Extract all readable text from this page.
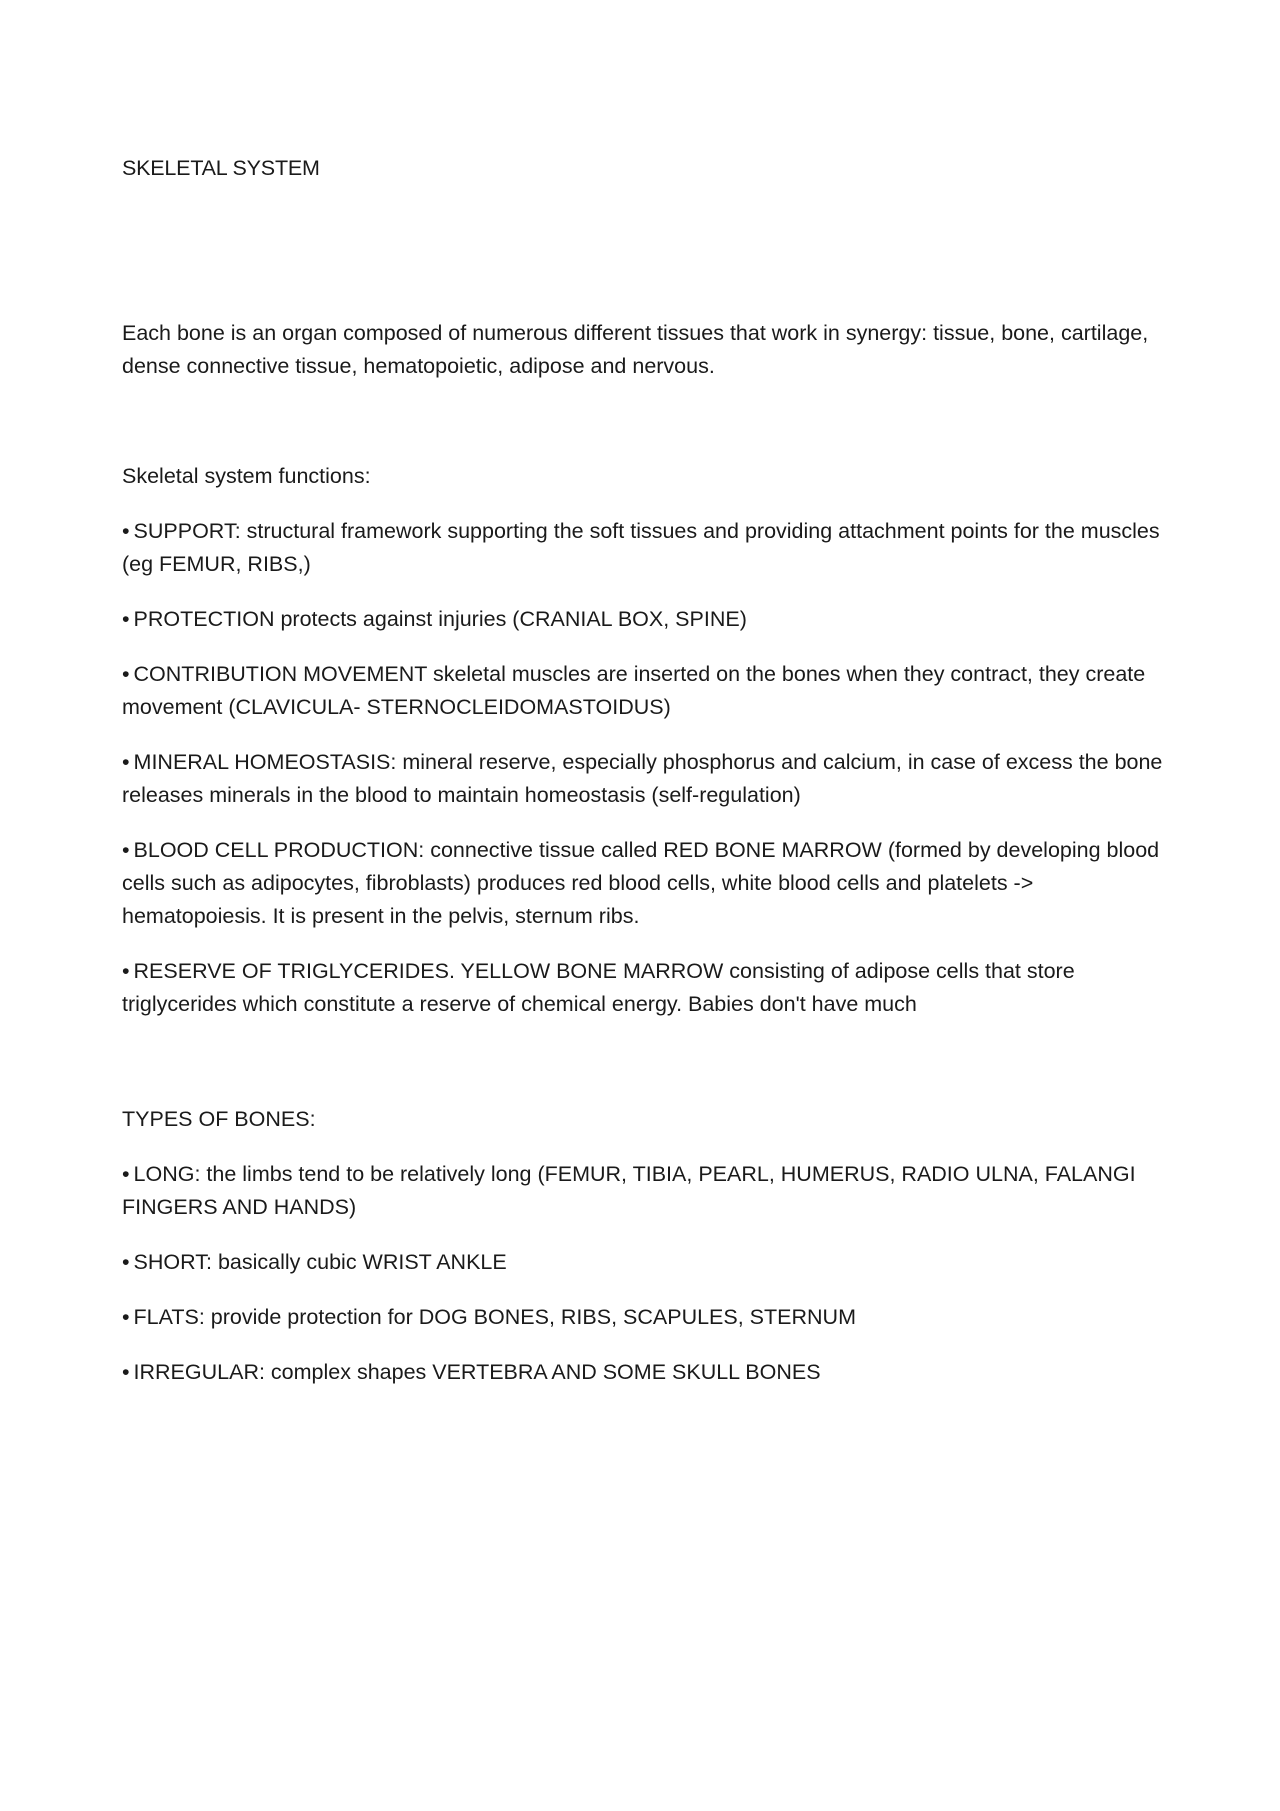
SKELETAL SYSTEM

Each bone is an organ composed of numerous different tissues that work in synergy: tissue, bone, cartilage, dense connective tissue, hematopoietic, adipose and nervous.

Skeletal system functions:

• SUPPORT: structural framework supporting the soft tissues and providing attachment points for the muscles (eg FEMUR, RIBS,)
• PROTECTION protects against injuries (CRANIAL BOX, SPINE)
• CONTRIBUTION MOVEMENT skeletal muscles are inserted on the bones when they contract, they create movement (CLAVICULA- STERNOCLEIDOMASTOIDUS)
• MINERAL HOMEOSTASIS: mineral reserve, especially phosphorus and calcium, in case of excess the bone releases minerals in the blood to maintain homeostasis (self-regulation)
• BLOOD CELL PRODUCTION: connective tissue called RED BONE MARROW (formed by developing blood cells such as adipocytes, fibroblasts) produces red blood cells, white blood cells and platelets -> hematopoiesis. It is present in the pelvis, sternum ribs.
• RESERVE OF TRIGLYCERIDES. YELLOW BONE MARROW consisting of adipose cells that store triglycerides which constitute a reserve of chemical energy. Babies don't have much

TYPES OF BONES:

• LONG: the limbs tend to be relatively long (FEMUR, TIBIA, PEARL, HUMERUS, RADIO ULNA, FALANGI FINGERS AND HANDS)
• SHORT: basically cubic WRIST ANKLE
• FLATS: provide protection for DOG BONES, RIBS, SCAPULES, STERNUM
• IRREGULAR: complex shapes VERTEBRA AND SOME SKULL BONES
